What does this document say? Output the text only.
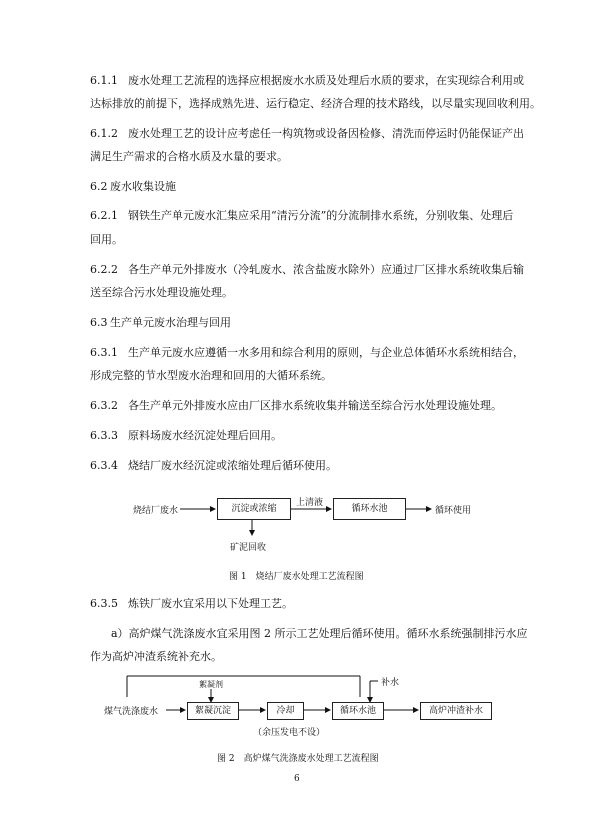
6.1.1 废水处理工艺流程的选择应根据废水水质及处理后水质的要求，在实现综合利用或
达标排放的前提下，选择成熟先进、运行稳定、经济合理的技术路线，以尽量实现回收利用。
6.1.2 废水处理工艺的设计应考虑任一构筑物或设备因检修、清洗而停运时仍能保证产出
满足生产需求的合格水质及水量的要求。
6.2 废水收集设施
6.2.1 钢铁生产单元废水汇集应采用“清污分流”的分流制排水系统，分别收集、处理后
回用。
6.2.2 各生产单元外排废水（冷轧废水、浓含盐废水除外）应通过厂区排水系统收集后输
送至综合污水处理设施处理。
6.3 生产单元废水治理与回用
6.3.1 生产单元废水应遵循一水多用和综合利用的原则，与企业总体循环水系统相结合，
形成完整的节水型废水治理和回用的大循环系统。
6.3.2 各生产单元外排废水应由厂区排水系统收集并输送至综合污水处理设施处理。
6.3.3 原料场废水经沉淀处理后回用。
6.3.4 烧结厂废水经沉淀或浓缩处理后循环使用。
烧结厂废水	沉淀或浓缩
上清液
循环水池	循环使用
矿泥回收
图 1　烧结厂废水处理工艺流程图
6.3.5 炼铁厂废水宜采用以下处理工艺。
a）高炉煤气洗涤废水宜采用图 2 所示工艺处理后循环使用。循环水系统强制排污水应
作为高炉冲渣系统补充水。
煤气洗涤废水
絮凝剂
絮凝沉淀	冷却	循环水池
补水
高炉冲渣补水
（余压发电不设）
图 2　高炉煤气洗涤废水处理工艺流程图
6
